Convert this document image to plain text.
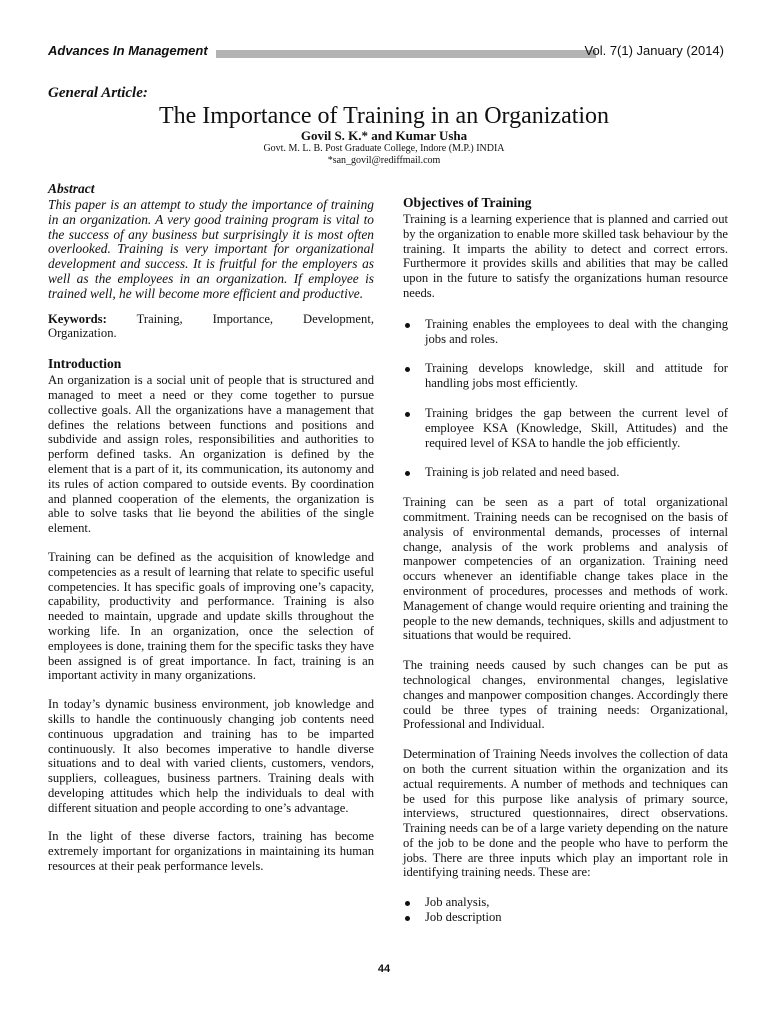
Advances In Management	Vol. 7(1) January (2014)
General Article:
The Importance of Training in an Organization
Govil S. K.* and Kumar Usha
Govt. M. L. B. Post Graduate College, Indore (M.P.) INDIA
*san_govil@rediffmail.com
Abstract

This paper is an attempt to study the importance of training in an organization. A very good training program is vital to the success of any business but surprisingly it is most often overlooked. Training is very important for organizational development and success. It is fruitful for the employers as well as the employees in an organization. If employee is trained well, he will become more efficient and productive.

Keywords: Training, Importance, Development,
Organization.
Introduction

An organization is a social unit of people that is structured and managed to meet a need or they come together to pursue collective goals. All the organizations have a management that defines the relations between functions and positions and subdivide and assign roles, responsibilities and authorities to perform defined tasks. An organization is defined by the element that is a part of it, its communication, its autonomy and its rules of action compared to outside events. By coordination and planned cooperation of the elements, the organization is able to solve tasks that lie beyond the abilities of the single element.

Training can be defined as the acquisition of knowledge and competencies as a result of learning that relate to specific useful competencies. It has specific goals of improving one’s capacity, capability, productivity and performance. Training is also needed to maintain, upgrade and update skills throughout the working life. In an organization, once the selection of employees is done, training them for the specific tasks they have been assigned is of great importance. In fact, training is an important activity in many organizations.

In today’s dynamic business environment, job knowledge and skills to handle the continuously changing job contents need continuous upgradation and training has to be imparted continuously. It also becomes imperative to handle diverse situations and to deal with varied clients, customers, vendors, suppliers, colleagues, business partners. Training deals with developing attitudes which help the individuals to deal with different situation and people according to one’s advantage.

In the light of these diverse factors, training has become extremely important for organizations in maintaining its human resources at their peak performance levels.

Objectives of Training

Training is a learning experience that is planned and carried out by the organization to enable more skilled task behaviour by the training. It imparts the ability to detect and correct errors. Furthermore it provides skills and abilities that may be called upon in the future to satisfy the organizations human resource needs.

Training enables the employees to deal with the changing jobs and roles.
Training develops knowledge, skill and attitude for handling jobs most efficiently.
Training bridges the gap between the current level of employee KSA (Knowledge, Skill, Attitudes) and the required level of KSA to handle the job efficiently.
Training is job related and need based.

Training can be seen as a part of total organizational commitment. Training needs can be recognised on the basis of analysis of environmental demands, processes of internal change, analysis of the work problems and analysis of manpower competencies of an organization. Training need occurs whenever an identifiable change takes place in the environment of procedures, processes and methods of work. Management of change would require orienting and training the people to the new demands, techniques, skills and adjustment to situations that would be required.

The training needs caused by such changes can be put as technological changes, environmental changes, legislative changes and manpower composition changes. Accordingly there could be three types of training needs: Organizational, Professional and Individual.

Determination of Training Needs involves the collection of data on both the current situation within the organization and its actual requirements. A number of methods and techniques can be used for this purpose like analysis of primary source, interviews, structured questionnaires, direct observations. Training needs can be of a large variety depending on the nature of the job to be done and the people who have to perform the jobs. There are three inputs which play an important role in identifying training needs. These are:

Job analysis,
Job description
44
